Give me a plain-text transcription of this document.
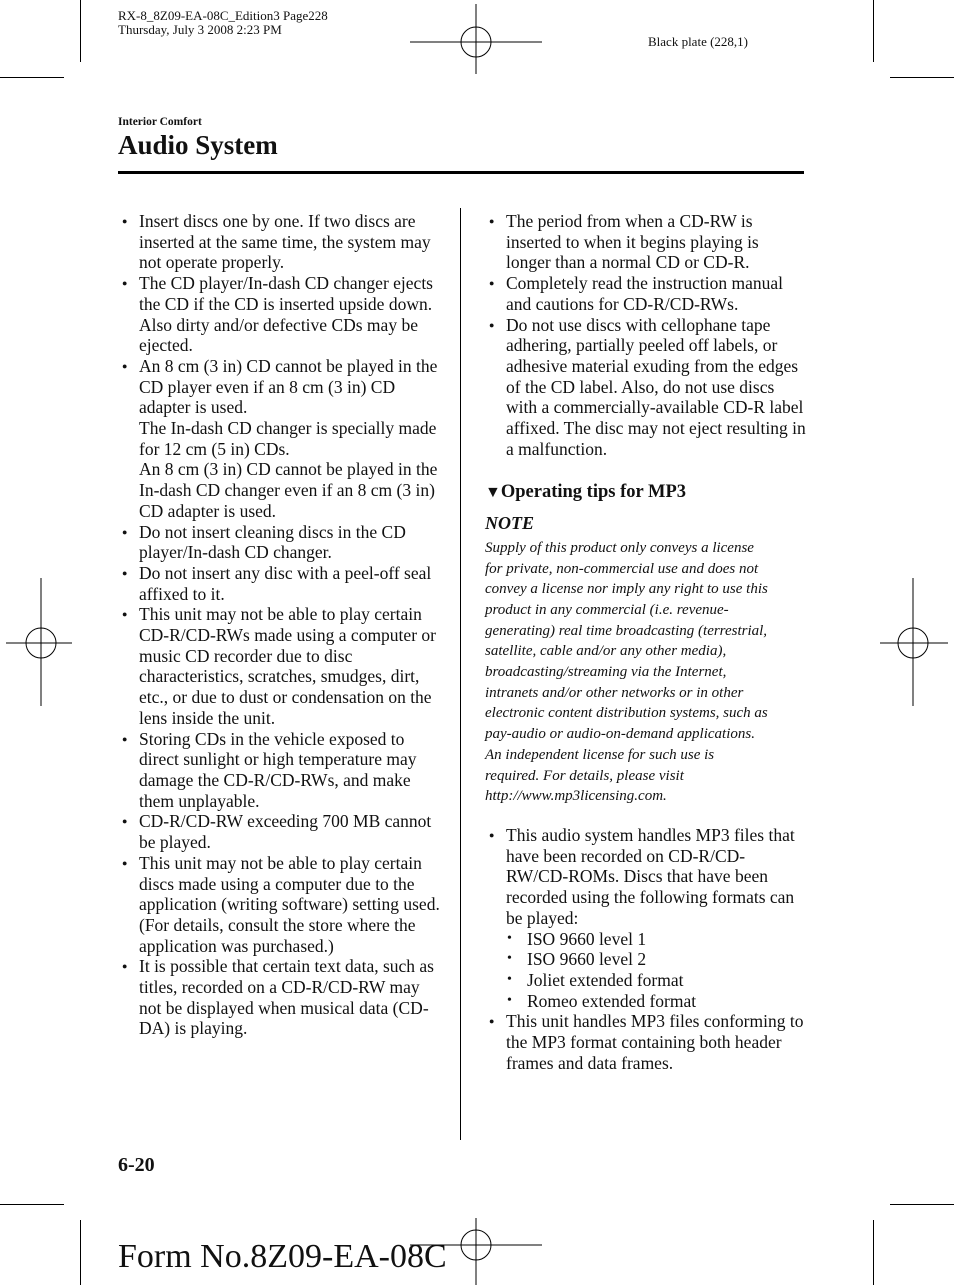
RX-8_8Z09-EA-08C_Edition3 Page228
Thursday, July 3 2008 2:23 PM
Black plate (228,1)
Interior Comfort
Audio System
● Insert discs one by one. If two discs are inserted at the same time, the system may not operate properly.
● The CD player/In-dash CD changer ejects the CD if the CD is inserted upside down. Also dirty and/or defective CDs may be ejected.
● An 8 cm (3 in) CD cannot be played in the CD player even if an 8 cm (3 in) CD adapter is used.
The In-dash CD changer is specially made for 12 cm (5 in) CDs.
An 8 cm (3 in) CD cannot be played in the In-dash CD changer even if an 8 cm (3 in) CD adapter is used.
● Do not insert cleaning discs in the CD player/In-dash CD changer.
● Do not insert any disc with a peel-off seal affixed to it.
● This unit may not be able to play certain CD-R/CD-RWs made using a computer or music CD recorder due to disc characteristics, scratches, smudges, dirt, etc., or due to dust or condensation on the lens inside the unit.
● Storing CDs in the vehicle exposed to direct sunlight or high temperature may damage the CD-R/CD-RWs, and make them unplayable.
● CD-R/CD-RW exceeding 700 MB cannot be played.
● This unit may not be able to play certain discs made using a computer due to the application (writing software) setting used. (For details, consult the store where the application was purchased.)
● It is possible that certain text data, such as titles, recorded on a CD-R/CD-RW may not be displayed when musical data (CD-DA) is playing.
● The period from when a CD-RW is inserted to when it begins playing is longer than a normal CD or CD-R.
● Completely read the instruction manual and cautions for CD-R/CD-RWs.
● Do not use discs with cellophane tape adhering, partially peeled off labels, or adhesive material exuding from the edges of the CD label. Also, do not use discs with a commercially-available CD-R label affixed. The disc may not eject resulting in a malfunction.
▼Operating tips for MP3
NOTE
Supply of this product only conveys a license
for private, non-commercial use and does not
convey a license nor imply any right to use this
product in any commercial (i.e. revenue-
generating) real time broadcasting (terrestrial,
satellite, cable and/or any other media),
broadcasting/streaming via the Internet,
intranets and/or other networks or in other
electronic content distribution systems, such as
pay-audio or audio-on-demand applications.
An independent license for such use is
required. For details, please visit
http://www.mp3licensing.com.
● This audio system handles MP3 files that have been recorded on CD-R/CD-RW/CD-ROMs. Discs that have been recorded using the following formats can be played:
• ISO 9660 level 1
• ISO 9660 level 2
• Joliet extended format
• Romeo extended format
● This unit handles MP3 files conforming to the MP3 format containing both header frames and data frames.
6-20
Form No.8Z09-EA-08C
